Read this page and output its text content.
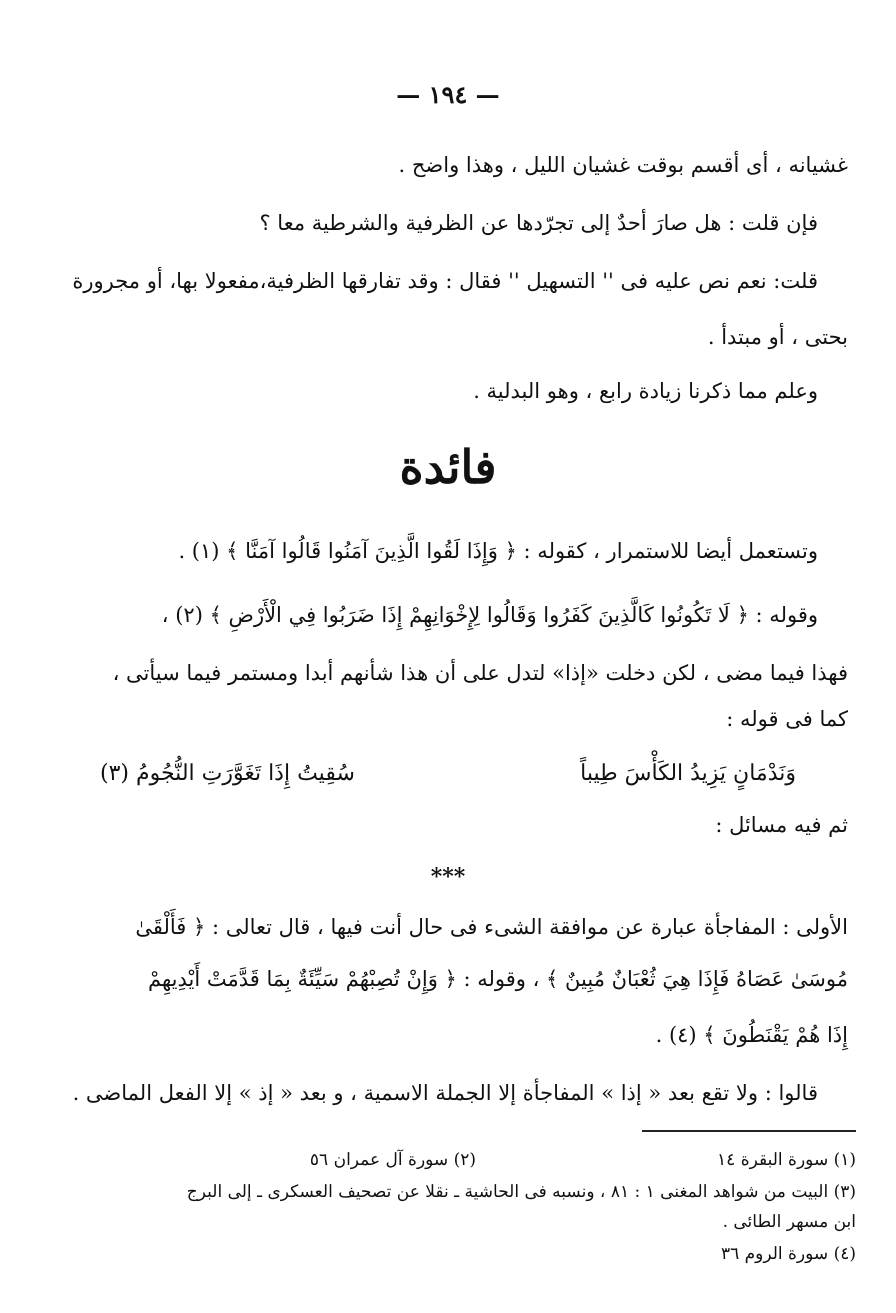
— ١٩٤ —
غشيانه ، أى أقسم بوقت غشيان الليل ، وهذا واضح .
فإن قلت : هل صارَ أحدٌ إلى تجرّدها عن الظرفية والشرطية معا ؟
قلت: نعم نص عليه فى '' التسهيل '' فقال : وقد تفارقها الظرفية،مفعولا بها، أو مجرورة
بحتى ، أو مبتدأ .
وعلم مما ذكرنا زيادة رابع ، وهو البدلية .
فائدة
وتستعمل أيضا للاستمرار ، كقوله : ﴿ وَإِذَا لَقُوا الَّذِينَ آمَنُوا قَالُوا آمَنَّا ﴾ (١) .
وقوله : ﴿ لَا تَكُونُوا كَالَّذِينَ كَفَرُوا وَقَالُوا لِإِخْوَانِهِمْ إِذَا ضَرَبُوا فِي الْأَرْضِ ﴾ (٢) ،
فهذا فيما مضى ، لكن دخلت «إذا» لتدل على أن هذا شأنهم أبدا ومستمر فيما سيأتى ،
كما فى قوله :
وَنَدْمَانٍ يَزِيدُ الكَأْسَ طِيباً
سُقِيتُ إِذَا تَغَوَّرَتِ النُّجُومُ (٣)
ثم فيه مسائل :
***
الأولى : المفاجأة عبارة عن موافقة الشىء فى حال أنت فيها ، قال تعالى : ﴿ فَأَلْقَىٰ
مُوسَىٰ عَصَاهُ فَإِذَا هِيَ ثُعْبَانٌ مُبِينٌ ﴾ ، وقوله : ﴿ وَإِنْ تُصِبْهُمْ سَيِّئَةٌ بِمَا قَدَّمَتْ أَيْدِيهِمْ
إِذَا هُمْ يَقْنَطُونَ ﴾ (٤) .
قالوا : ولا تقع بعد « إذا » المفاجأة إلا الجملة الاسمية ، و بعد « إذ » إلا الفعل الماضى .
(١) سورة البقرة ١٤
(٢) سورة آل عمران ٥٦
(٣) البيت من شواهد المغنى ١ : ٨١ ، ونسبه فى الحاشية ـ نقلا عن تصحيف العسكرى ـ إلى البرج
ابن مسهر الطائى .
(٤) سورة الروم ٣٦
